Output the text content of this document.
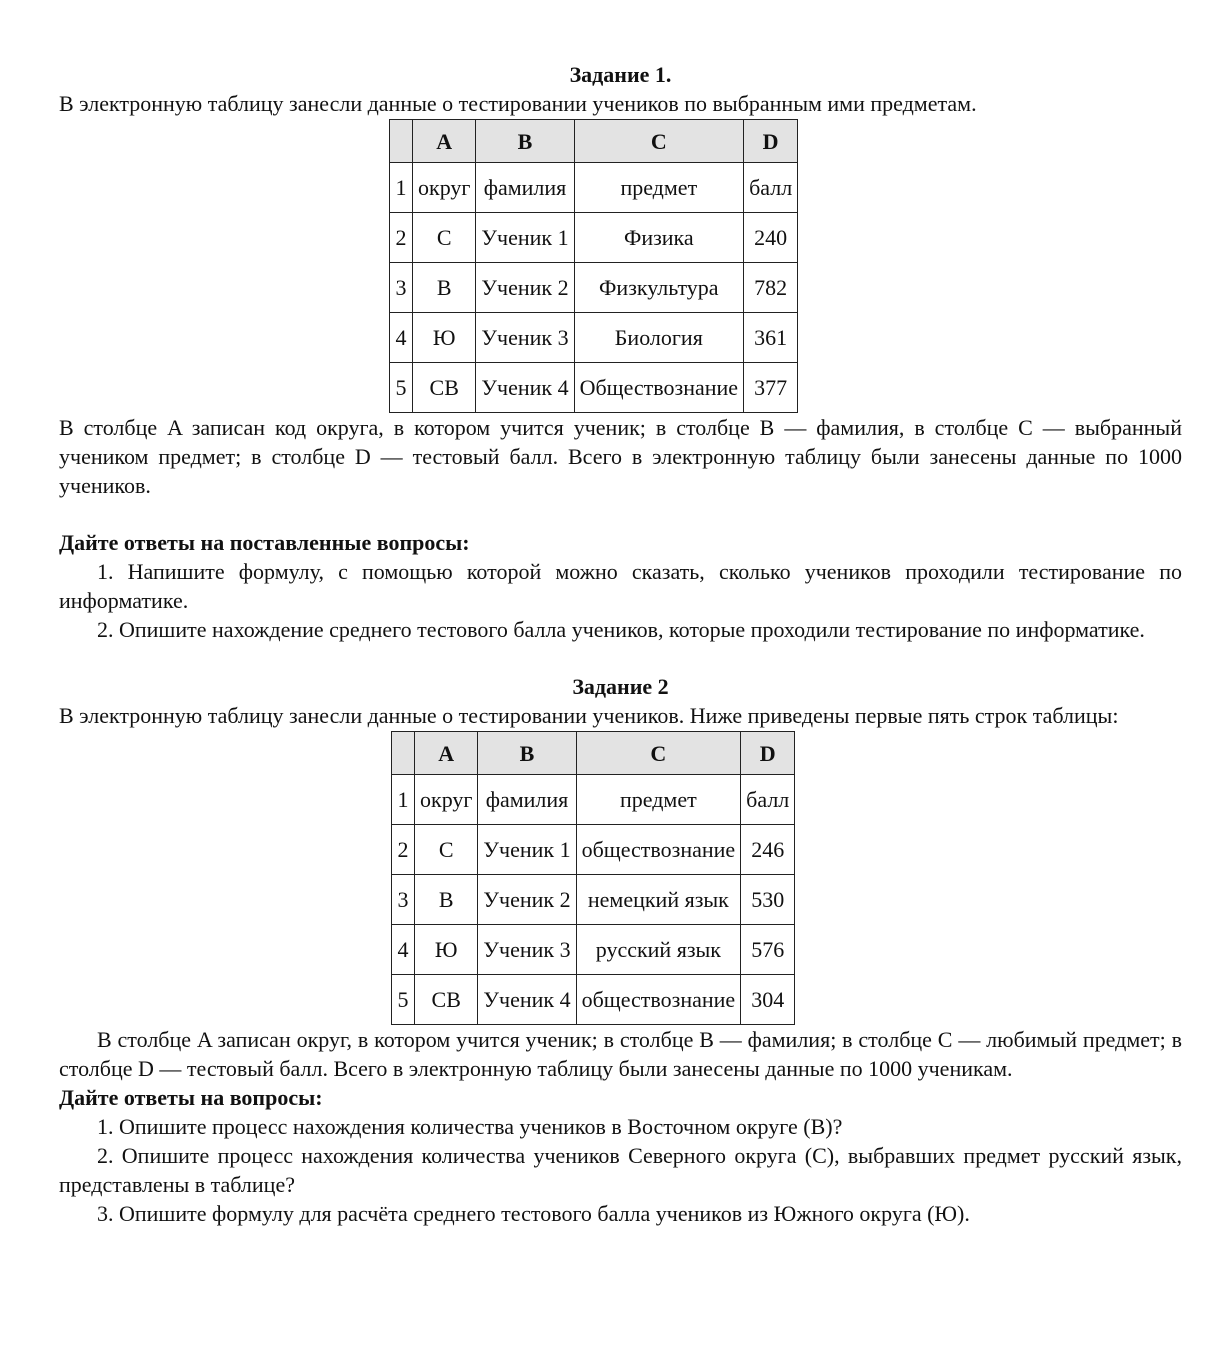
Задание 1.

В электронную таблицу занесли данные о тестировании учеников по выбранным ими предметам.

	A	B	C	D
1	округ	фамилия	предмет	балл
2	С	Ученик 1	Физика	240
3	В	Ученик 2	Физкультура	782
4	Ю	Ученик 3	Биология	361
5	СВ	Ученик 4	Обществознание	377

В столбце A записан код округа, в котором учится ученик; в столбце B — фамилия, в столбце C — выбранный учеником предмет; в столбце D — тестовый балл. Всего в электронную таблицу были занесены данные по 1000 учеников.

Дайте ответы на поставленные вопросы:

1. Напишите формулу, с помощью которой можно сказать, сколько учеников проходили тестирование по информатике.

2. Опишите нахождение среднего тестового балла учеников, которые проходили тестирование по информатике.

Задание 2

В электронную таблицу занесли данные о тестировании учеников. Ниже приведены первые пять строк таблицы:

	A	B	C	D
1	округ	фамилия	предмет	балл
2	С	Ученик 1	обществознание	246
3	В	Ученик 2	немецкий язык	530
4	Ю	Ученик 3	русский язык	576
5	СВ	Ученик 4	обществознание	304

В столбце A записан округ, в котором учится ученик; в столбце B — фамилия; в столбце C — любимый предмет; в столбце D — тестовый балл. Всего в электронную таблицу были занесены данные по 1000 ученикам.

Дайте ответы на вопросы:

1. Опишите процесс нахождения количества учеников в Восточном округе (В)?

2. Опишите процесс нахождения количества учеников Северного округа (С), выбравших предмет русский язык, представлены в таблице?

3. Опишите формулу для расчёта среднего тестового балла учеников из Южного округа (Ю).
